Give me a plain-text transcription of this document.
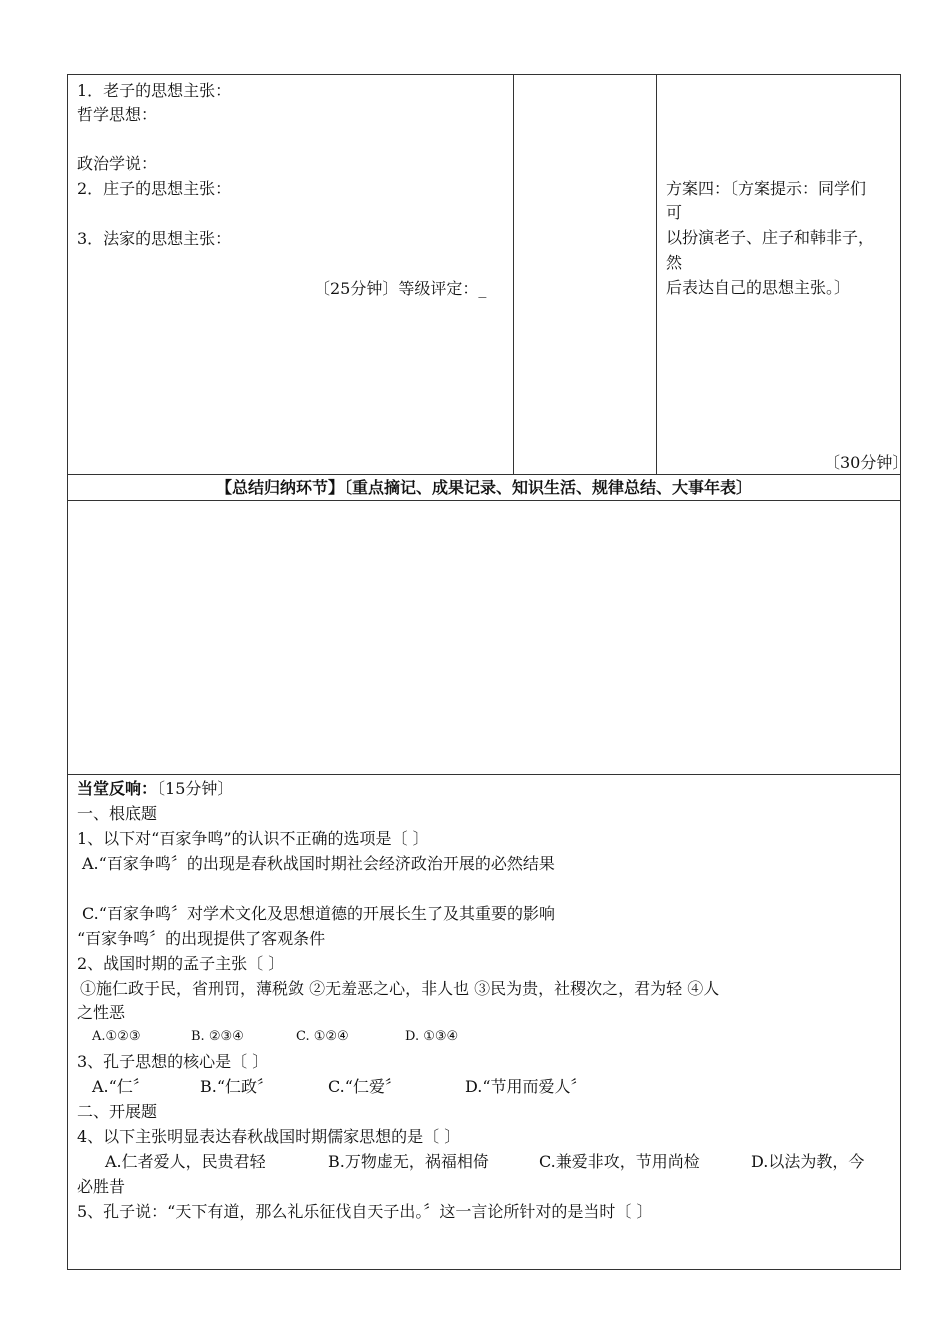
1．老子的思想主张：
哲学思想：
政治学说：
2．庄子的思想主张：
3．法家的思想主张：
〔25分钟〕等级评定：_
方案四：〔方案提示：同学们
可
以扮演老子、庄子和韩非子，
然
后表达自己的思想主张。〕
〔30分钟〕
【总结归纳环节】〔重点摘记、成果记录、知识生活、规律总结、大事年表〕
当堂反响：〔15分钟〕
一、根底题
1、以下对“百家争鸣”的认识不正确的选项是〔 〕
A.“百家争鸣〞的出现是春秋战国时期社会经济政治开展的必然结果
C.“百家争鸣〞对学术文化及思想道德的开展长生了及其重要的影响
“百家争鸣〞的出现提供了客观条件
2、战国时期的孟子主张〔 〕
①施仁政于民，省刑罚，薄税敛 ②无羞恶之心，非人也 ③民为贵，社稷次之，君为轻 ④人
之性恶
A.①②③	B. ②③④	C. ①②④	D. ①③④
3、孔子思想的核心是〔 〕
A.“仁〞	B.“仁政〞	C.“仁爱〞	D.“节用而爱人〞
二、开展题
4、以下主张明显表达春秋战国时期儒家思想的是〔 〕
A.仁者爱人，民贵君轻	B.万物虚无，祸福相倚	C.兼爱非攻，节用尚检	D.以法为教，今
必胜昔
5、孔子说：“天下有道，那么礼乐征伐自天子出。〞这一言论所针对的是当时〔 〕
